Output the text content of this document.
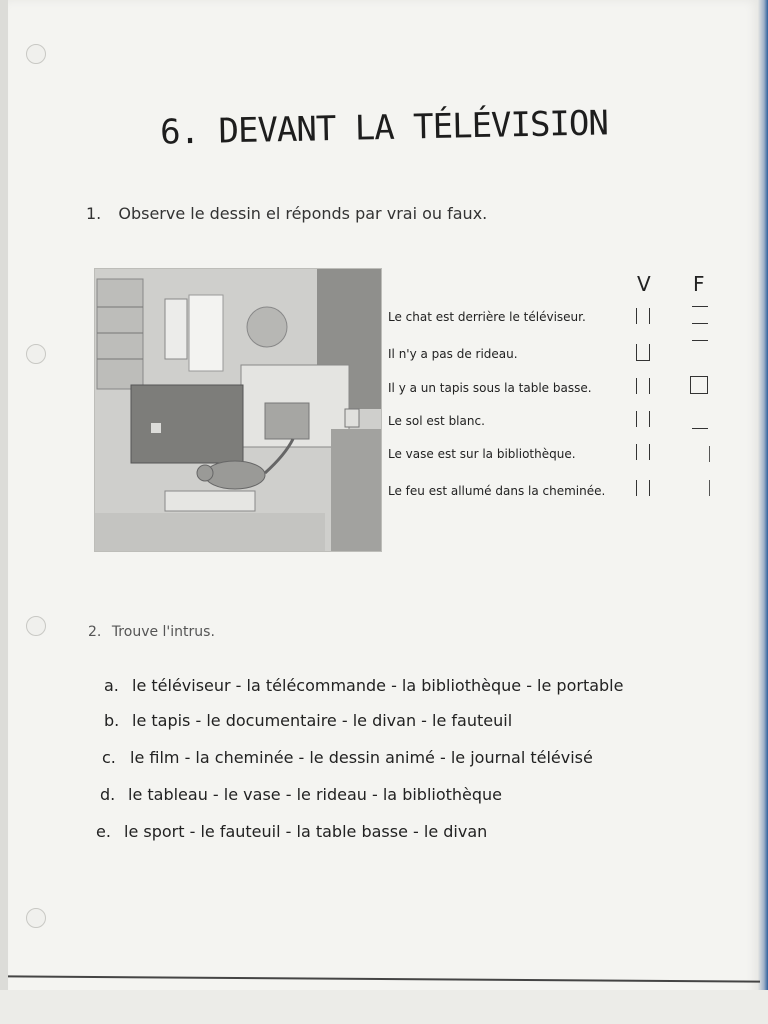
6. DEVANT LA TÉLÉVISION
1. Observe le dessin el réponds par vrai ou faux.
V F
Le chat est derrière le téléviseur.
Il n'y a pas de rideau.
Il y a un tapis sous la table basse.
Le sol est blanc.
Le vase est sur la bibliothèque.
Le feu est allumé dans la cheminée.
2. Trouve l'intrus.
a. le téléviseur - la télécommande - la bibliothèque - le portable
b. le tapis - le documentaire - le divan - le fauteuil
c. le film - la cheminée - le dessin animé - le journal télévisé
d. le tableau - le vase - le rideau - la bibliothèque
e. le sport - le fauteuil - la table basse - le divan
